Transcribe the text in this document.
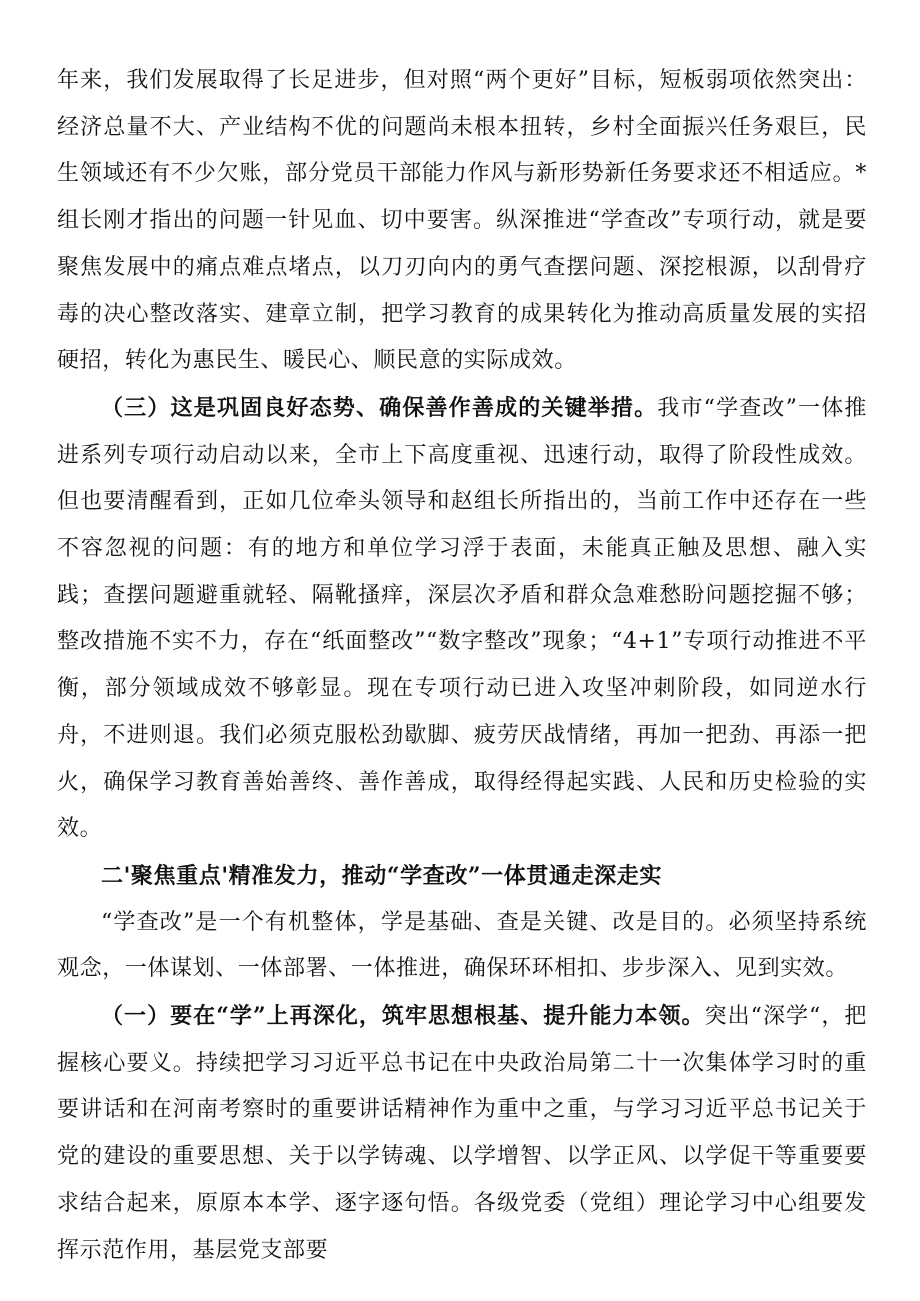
年来，我们发展取得了长足进步，但对照“两个更好”目标，短板弱项依然突出：经济总量不大、产业结构不优的问题尚未根本扭转，乡村全面振兴任务艰巨，民生领域还有不少欠账，部分党员干部能力作风与新形势新任务要求还不相适应。*组长刚才指出的问题一针见血、切中要害。纵深推进“学查改”专项行动，就是要聚焦发展中的痛点难点堵点，以刀刃向内的勇气查摆问题、深挖根源，以刮骨疗毒的决心整改落实、建章立制，把学习教育的成果转化为推动高质量发展的实招硬招，转化为惠民生、暖民心、顺民意的实际成效。

（三）这是巩固良好态势、确保善作善成的关键举措。我市“学查改”一体推进系列专项行动启动以来，全市上下高度重视、迅速行动，取得了阶段性成效。但也要清醒看到，正如几位牵头领导和赵组长所指出的，当前工作中还存在一些不容忽视的问题：有的地方和单位学习浮于表面，未能真正触及思想、融入实践；查摆问题避重就轻、隔靴搔痒，深层次矛盾和群众急难愁盼问题挖掘不够；整改措施不实不力，存在“纸面整改”“数字整改”现象；“4+1”专项行动推进不平衡，部分领域成效不够彰显。现在专项行动已进入攻坚冲刺阶段，如同逆水行舟，不进则退。我们必须克服松劲歇脚、疲劳厌战情绪，再加一把劲、再添一把火，确保学习教育善始善终、善作善成，取得经得起实践、人民和历史检验的实效。

二'聚焦重点'精准发力，推动“学查改”一体贯通走深走实

“学查改”是一个有机整体，学是基础、查是关键、改是目的。必须坚持系统观念，一体谋划、一体部署、一体推进，确保环环相扣、步步深入、见到实效。

（一）要在“学”上再深化，筑牢思想根基、提升能力本领。突出“深学“，把握核心要义。持续把学习习近平总书记在中央政治局第二十一次集体学习时的重要讲话和在河南考察时的重要讲话精神作为重中之重，与学习习近平总书记关于党的建设的重要思想、关于以学铸魂、以学增智、以学正风、以学促干等重要要求结合起来，原原本本学、逐字逐句悟。各级党委（党组）理论学习中心组要发挥示范作用，基层党支部要
